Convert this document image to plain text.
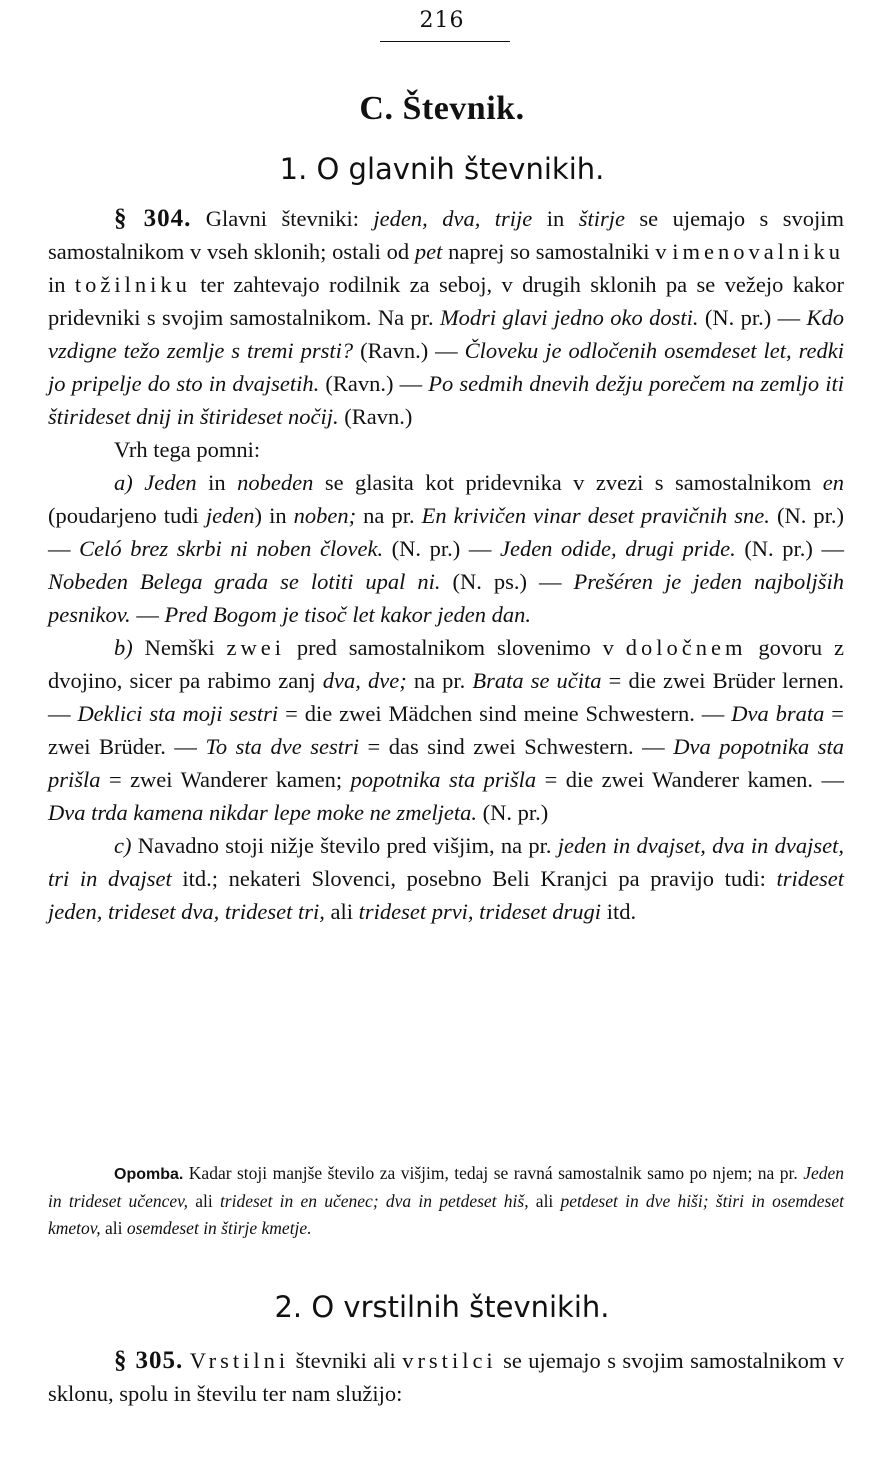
216
C. Števnik.
1. O glavnih števnikih.

§ 304. Glavni števniki: jeden, dva, trije in štirje se ujemajo s svojim samostalnikom v vseh sklonih; ostali od pet naprej so samostalniki v imenovalniku in tožilniku ter zahtevajo rodilnik za seboj, v drugih sklonih pa se vežejo kakor pridevniki s svojim samostalnikom. Na pr. Modri glavi jedno oko dosti. (N. pr.) — Kdo vzdigne težo zemlje s tremi prsti? (Ravn.) — Človeku je odločenih osemdeset let, redki jo pripelje do sto in dvajsetih. (Ravn.) — Po sedmih dnevih dežju porečem na zemljo iti štirideset dnij in štirideset nočij. (Ravn.)

Vrh tega pomni:

a) Jeden in nobeden se glasita kot pridevnika v zvezi s samostalnikom en (poudarjeno tudi jeden) in noben; na pr. En krivičen vinar deset pravičnih sne. (N. pr.) — Celó brez skrbi ni noben človek. (N. pr.) — Jeden odide, drugi pride. (N. pr.) — Nobeden Belega grada se lotiti upal ni. (N. ps.) — Prešéren je jeden najboljših pesnikov. — Pred Bogom je tisoč let kakor jeden dan.

b) Nemški zwei pred samostalnikom slovenimo v določnem govoru z dvojino, sicer pa rabimo zanj dva, dve; na pr. Brata se učita = die zwei Brüder lernen. — Deklici sta moji sestri = die zwei Mädchen sind meine Schwestern. — Dva brata = zwei Brüder. — To sta dve sestri = das sind zwei Schwestern. — Dva popotnika sta prišla = zwei Wanderer kamen; popotnika sta prišla = die zwei Wanderer kamen. — Dva trda kamena nikdar lepe moke ne zmeljeta. (N. pr.)

c) Navadno stoji nižje število pred višjim, na pr. jeden in dvajset, dva in dvajset, tri in dvajset itd.; nekateri Slovenci, posebno Beli Kranjci pa pravijo tudi: trideset jeden, trideset dva, trideset tri, ali trideset prvi, trideset drugi itd.

Opomba. Kadar stoji manjše število za višjim, tedaj se ravná samostalnik samo po njem; na pr. Jeden in trideset učencev, ali trideset in en učenec; dva in petdeset hiš, ali petdeset in dve hiši; štiri in osemdeset kmetov, ali osemdeset in štirje kmetje.
2. O vrstilnih števnikih.

§ 305. Vrstilni števniki ali vrstilci se ujemajo s svojim samostalnikom v sklonu, spolu in številu ter nam služijo:
